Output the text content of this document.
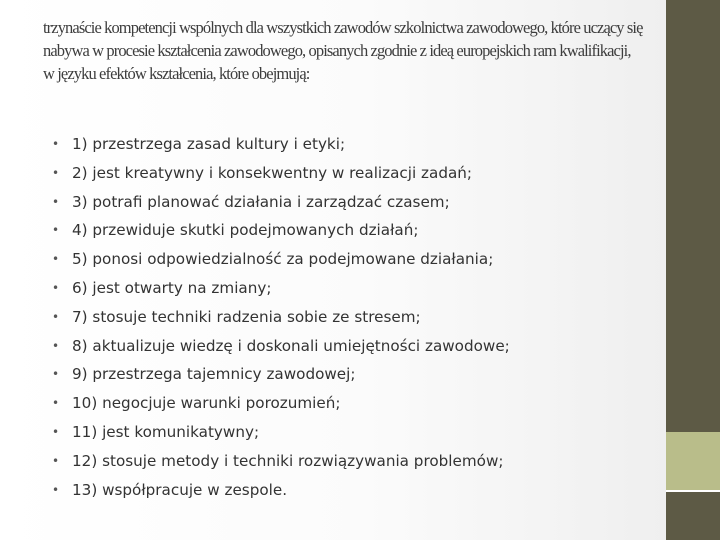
trzynaście kompetencji wspólnych dla wszystkich zawodów szkolnictwa zawodowego, które uczący się nabywa w procesie kształcenia zawodowego, opisanych zgodnie z ideą europejskich ram kwalifikacji, w języku efektów kształcenia, które obejmują:

• 1) przestrzega zasad kultury i etyki;
• 2) jest kreatywny i konsekwentny w realizacji zadań;
• 3) potrafi planować działania i zarządzać czasem;
• 4) przewiduje skutki podejmowanych działań;
• 5) ponosi odpowiedzialność za podejmowane działania;
• 6) jest otwarty na zmiany;
• 7) stosuje techniki radzenia sobie ze stresem;
• 8) aktualizuje wiedzę i doskonali umiejętności zawodowe;
• 9) przestrzega tajemnicy zawodowej;
• 10) negocjuje warunki porozumień;
• 11) jest komunikatywny;
• 12) stosuje metody i techniki rozwiązywania problemów;
• 13) współpracuje w zespole.
